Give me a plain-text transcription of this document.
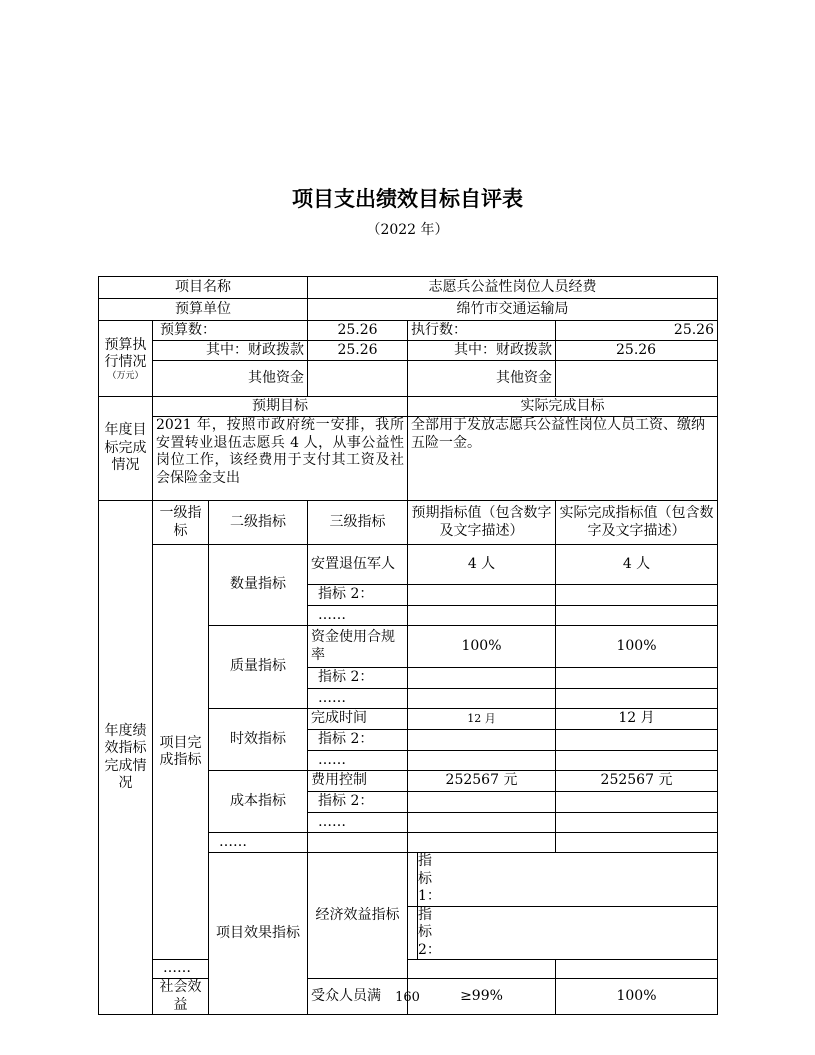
项目支出绩效目标自评表
（2022 年）
项目名称			志愿兵公益性岗位人员经费				
预算单位			绵竹市交通运输局				
预算执行情况
（万元）	预算数：		25.26	执行数：		25.26	
	其中：财政拨款		25.26	其中：财政拨款		25.26	
	其他资金			其他资金			
年度目标完成情况	预期目标			实际完成目标			
	2021 年，按照市政府统一安排，我所安置转业退伍志愿兵 4 人，从事公益性岗位工作，该经费用于支付其工资及社会保险金支出			全部用于发放志愿兵公益性岗位人员工资、缴纳五险一金。			
年度绩效指标完成情况	一级指标	二级指标	三级指标	预期指标值（包含数字及文字描述）		实际完成指标值（包含数字及文字描述）	
	项目完成指标	数量指标	安置退伍军人	4 人		4 人	
			指标 2：				
			……				
		质量指标	资金使用合规率	100%		100%	
			指标 2：				
			……				
		时效指标	完成时间	12 月		12 月	
			指标 2：				
			……				
		成本指标	费用控制	252567 元		252567 元	
			指标 2：				
			……				
		……					
		项目效果指标	经济效益指标	指标 1：			
				指标 2：			
	……						
	社会效益		受众人员满	≥99%		100%	
160
